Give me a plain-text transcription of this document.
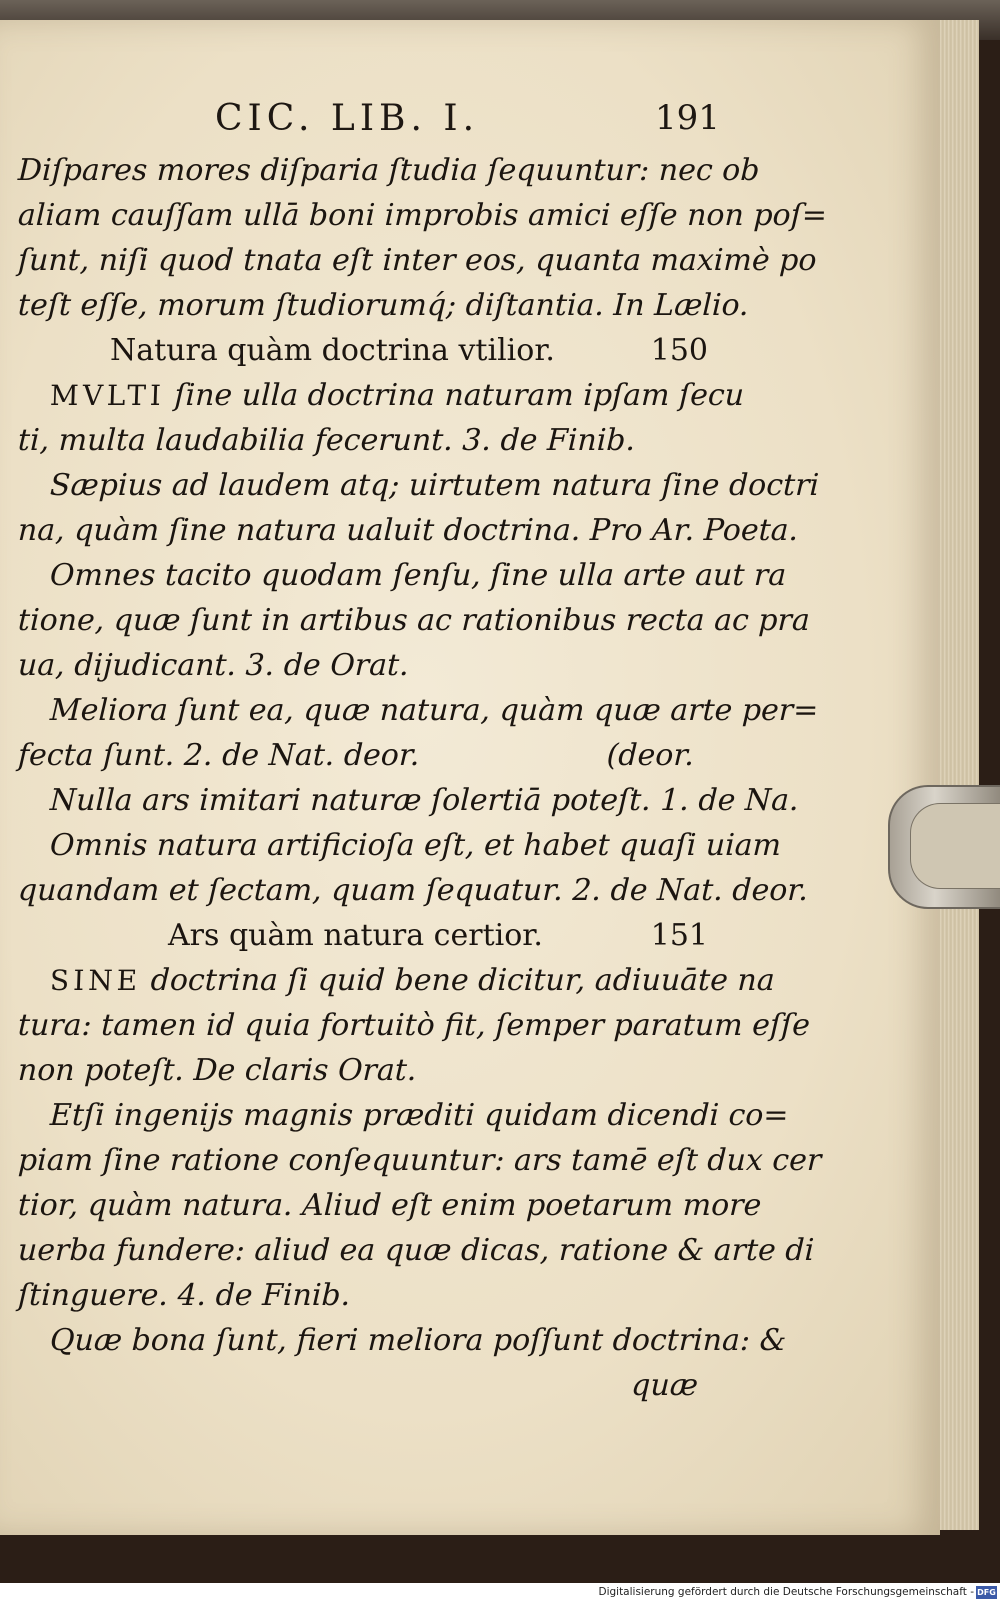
CIC. LIB. I.	191
Diſpares mores diſparia ſtudia ſequuntur: nec ob
aliam cauſſam ullā boni improbis amici eſſe non poſ=
ſunt, niſi quod tnata eſt inter eos, quanta maximè po
teſt eſſe, morum ſtudiorumq́; diſtantia. In Lælio.
Natura quàm doctrina vtilior.	150
MVLTI ſine ulla doctrina naturam ipſam ſecu
ti, multa laudabilia fecerunt. 3. de Finib.
Sæpius ad laudem atq; uirtutem natura ſine doctri
na, quàm ſine natura ualuit doctrina. Pro Ar. Poeta.
Omnes tacito quodam ſenſu, ſine ulla arte aut ra
tione, quæ ſunt in artibus ac rationibus recta ac pra
ua, dijudicant. 3. de Orat.
Meliora ſunt ea, quæ natura, quàm quæ arte per=
fecta ſunt. 2. de Nat. deor.	(deor.
Nulla ars imitari naturæ ſolertiā poteſt. 1. de Na.
Omnis natura artificioſa eſt, et habet quaſi uiam
quandam et ſectam, quam ſequatur. 2. de Nat. deor.
Ars quàm natura certior.	151
SINE doctrina ſi quid bene dicitur, adiuuāte na
tura: tamen id quia fortuitò fit, ſemper paratum eſſe
non poteſt. De claris Orat.
Etſi ingenijs magnis præditi quidam dicendi co=
piam ſine ratione conſequuntur: ars tamē eſt dux cer
tior, quàm natura. Aliud eſt enim poetarum more
uerba fundere: aliud ea quæ dicas, ratione & arte di
ſtinguere. 4. de Finib.
Quæ bona ſunt, fieri meliora poſſunt doctrina: &
quæ
Digitalisierung gefördert durch die Deutsche Forschungsgemeinschaft - DFG
